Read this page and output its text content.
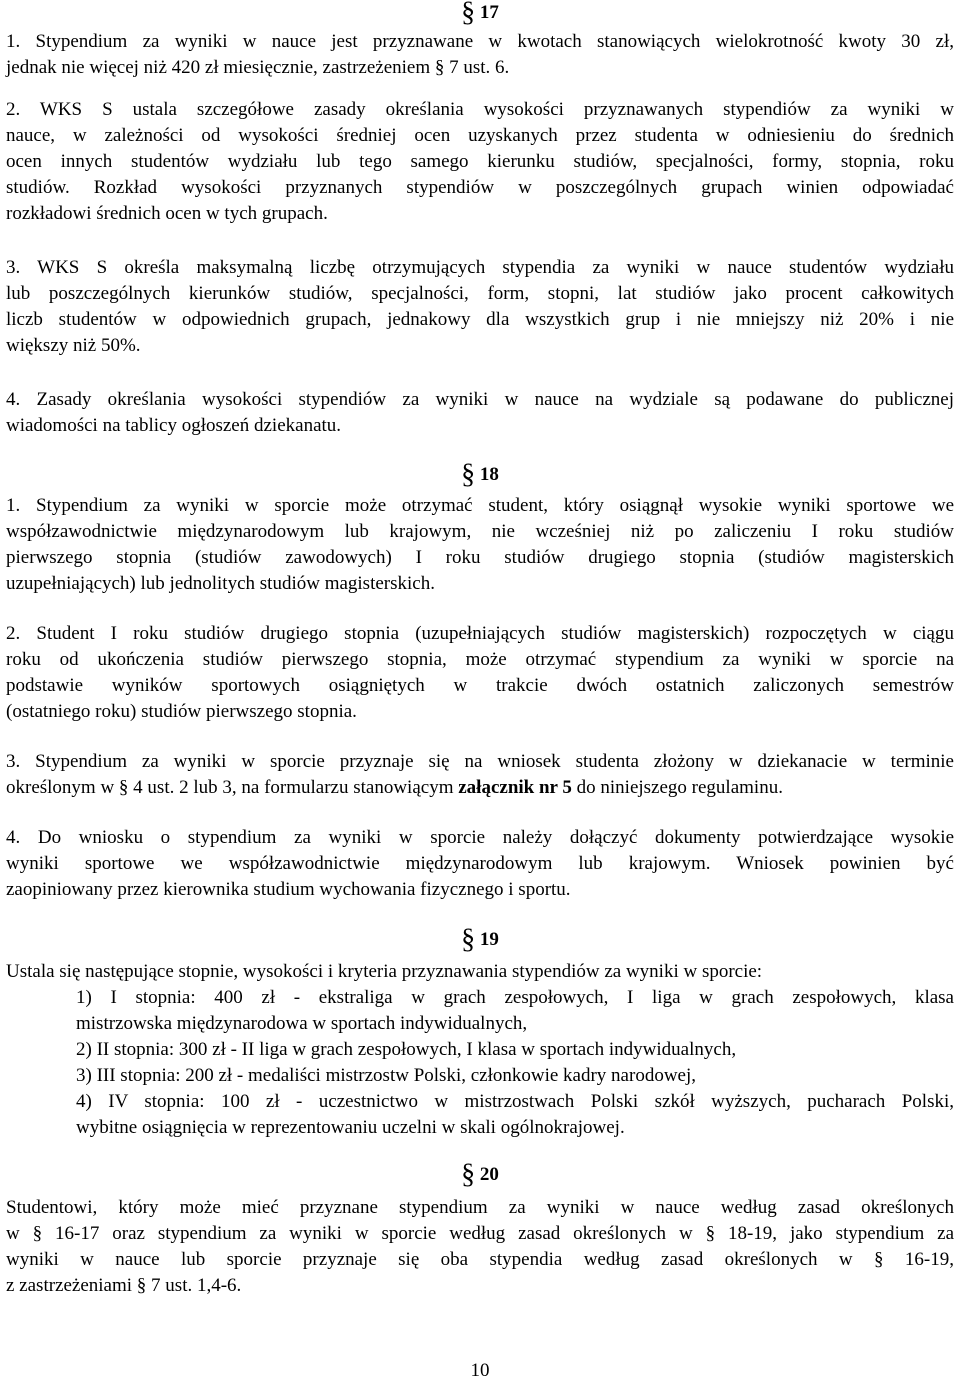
§ 17
1. Stypendium za wyniki w nauce jest przyznawane w kwotach stanowiących wielokrotność kwoty 30 zł,
jednak nie więcej niż 420 zł miesięcznie, zastrzeżeniem § 7 ust. 6.
2. WKS S ustala szczegółowe zasady określania wysokości przyznawanych stypendiów za wyniki w
nauce, w zależności od wysokości średniej ocen uzyskanych przez studenta w odniesieniu do średnich
ocen innych studentów wydziału lub tego samego kierunku studiów, specjalności, formy, stopnia, roku
studiów. Rozkład wysokości przyznanych stypendiów w poszczególnych grupach winien odpowiadać
rozkładowi średnich ocen w tych grupach.
3. WKS S określa maksymalną liczbę otrzymujących stypendia za wyniki w nauce studentów wydziału
lub poszczególnych kierunków studiów, specjalności, form, stopni, lat studiów jako procent całkowitych
liczb studentów w odpowiednich grupach, jednakowy dla wszystkich grup i nie mniejszy niż 20% i nie
większy niż 50%.
4. Zasady określania wysokości stypendiów za wyniki w nauce na wydziale są podawane do publicznej
wiadomości na tablicy ogłoszeń dziekanatu.
§ 18
1. Stypendium za wyniki w sporcie może otrzymać student, który osiągnął wysokie wyniki sportowe we
współzawodnictwie międzynarodowym lub krajowym, nie wcześniej niż po zaliczeniu I roku studiów
pierwszego stopnia (studiów zawodowych) I roku studiów drugiego stopnia (studiów magisterskich
uzupełniających) lub jednolitych studiów magisterskich.
2. Student I roku studiów drugiego stopnia (uzupełniających studiów magisterskich) rozpoczętych w ciągu
roku od ukończenia studiów pierwszego stopnia, może otrzymać stypendium za wyniki w sporcie na
podstawie wyników sportowych osiągniętych w trakcie dwóch ostatnich zaliczonych semestrów
(ostatniego roku) studiów pierwszego stopnia.
3. Stypendium za wyniki w sporcie przyznaje się na wniosek studenta złożony w dziekanacie w terminie
określonym w § 4 ust. 2 lub 3, na formularzu stanowiącym załącznik nr 5 do niniejszego regulaminu.
4. Do wniosku o stypendium za wyniki w sporcie należy dołączyć dokumenty potwierdzające wysokie
wyniki sportowe we współzawodnictwie międzynarodowym lub krajowym. Wniosek powinien być
zaopiniowany przez kierownika studium wychowania fizycznego i sportu.
§ 19
Ustala się następujące stopnie, wysokości i kryteria przyznawania stypendiów za wyniki w sporcie:
1) I stopnia: 400 zł - ekstraliga w grach zespołowych, I liga w grach zespołowych, klasa
mistrzowska międzynarodowa w sportach indywidualnych,
2) II stopnia: 300 zł - II liga w grach zespołowych, I klasa w sportach indywidualnych,
3) III stopnia: 200 zł - medaliści mistrzostw Polski, członkowie kadry narodowej,
4) IV stopnia: 100 zł - uczestnictwo w mistrzostwach Polski szkół wyższych, pucharach Polski,
wybitne osiągnięcia w reprezentowaniu uczelni w skali ogólnokrajowej.
§ 20
Studentowi, który może mieć przyznane stypendium za wyniki w nauce według zasad określonych
w § 16-17 oraz stypendium za wyniki w sporcie według zasad określonych w § 18-19, jako stypendium za
wyniki w nauce lub sporcie przyznaje się oba stypendia według zasad określonych w § 16-19,
z zastrzeżeniami § 7 ust. 1,4-6.
10
